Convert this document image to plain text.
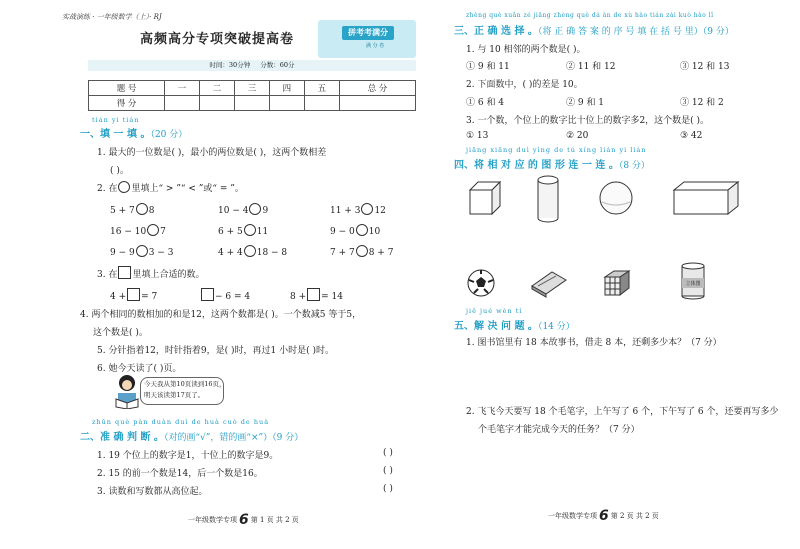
实战演练 · 一年级数学（上）· RJ
高频高分专项突破提高卷	拼考考满分
满 分 卷
时间：30分钟 分数：60分
题 号	一	二	三	四	五	总 分
得 分						
tián yi tián
一、填 一 填 。（20 分）
1. 最大的一位数是( )，最小的两位数是( )，这两个数相差
( )。
2. 在 里填上“ > ”“ < ”或“ = ”。
5 + 7 8	10 − 4 9	11 + 3 12
16 − 10 7	6 + 5 11	9 − 0 10
9 − 9 3 − 3	4 + 4 18 − 8	7 + 7 8 + 7
3. 在 里填上合适的数。
4 + = 7	− 6 = 4	8 + = 14
4. 两个相同的数相加的和是12，这两个数都是( )。一个数减5 等于5，
这个数是( )。
5. 分针指着12，时针指着9，是( )时，再过1 小时是( )时。
6. 她今天读了( )页。
今天我从第10页读到16页，
明天该读第17页了。
zhǔn què pàn duàn duì de huà cuò de huà
二、准 确 判 断 。（对的画“√”，错的画“×”）（9 分）
1. 19 个位上的数字是1，十位上的数字是9。	( )
2. 15 的前一个数是14，后一个数是16。	( )
3. 读数和写数都从高位起。	( )
一年级数学专项 6 第 1 页 共 2 页
zhèng què xuǎn zé jiāng zhèng què dá àn de xù hào tián zài kuò hào lǐ
三、正 确 选 择 。（将 正 确 答 案 的 序 号 填 在 括 号 里）（9 分）
1. 与 10 相邻的两个数是( )。
① 9 和 11	② 11 和 12	③ 12 和 13
2. 下面数中，( )的差是 10。
① 6 和 4	② 9 和 1	③ 12 和 2
3. 一个数，个位上的数字比十位上的数字多2，这个数是( )。
① 13	② 20	③ 42
jiāng xiāng duì yìng de tú xíng lián yi lián
四、将 相 对 应 的 图 形 连 一 连 。（8 分）
立体图
jiě jué wèn tí
五、解 决 问 题 。（14 分）
1. 图书馆里有 18 本故事书，借走 8 本，还剩多少本？（7 分）
2. 飞飞今天要写 18 个毛笔字，上午写了 6 个，下午写了 6 个，还要再写多少
个毛笔字才能完成今天的任务？（7 分）
一年级数学专项 6 第 2 页 共 2 页
